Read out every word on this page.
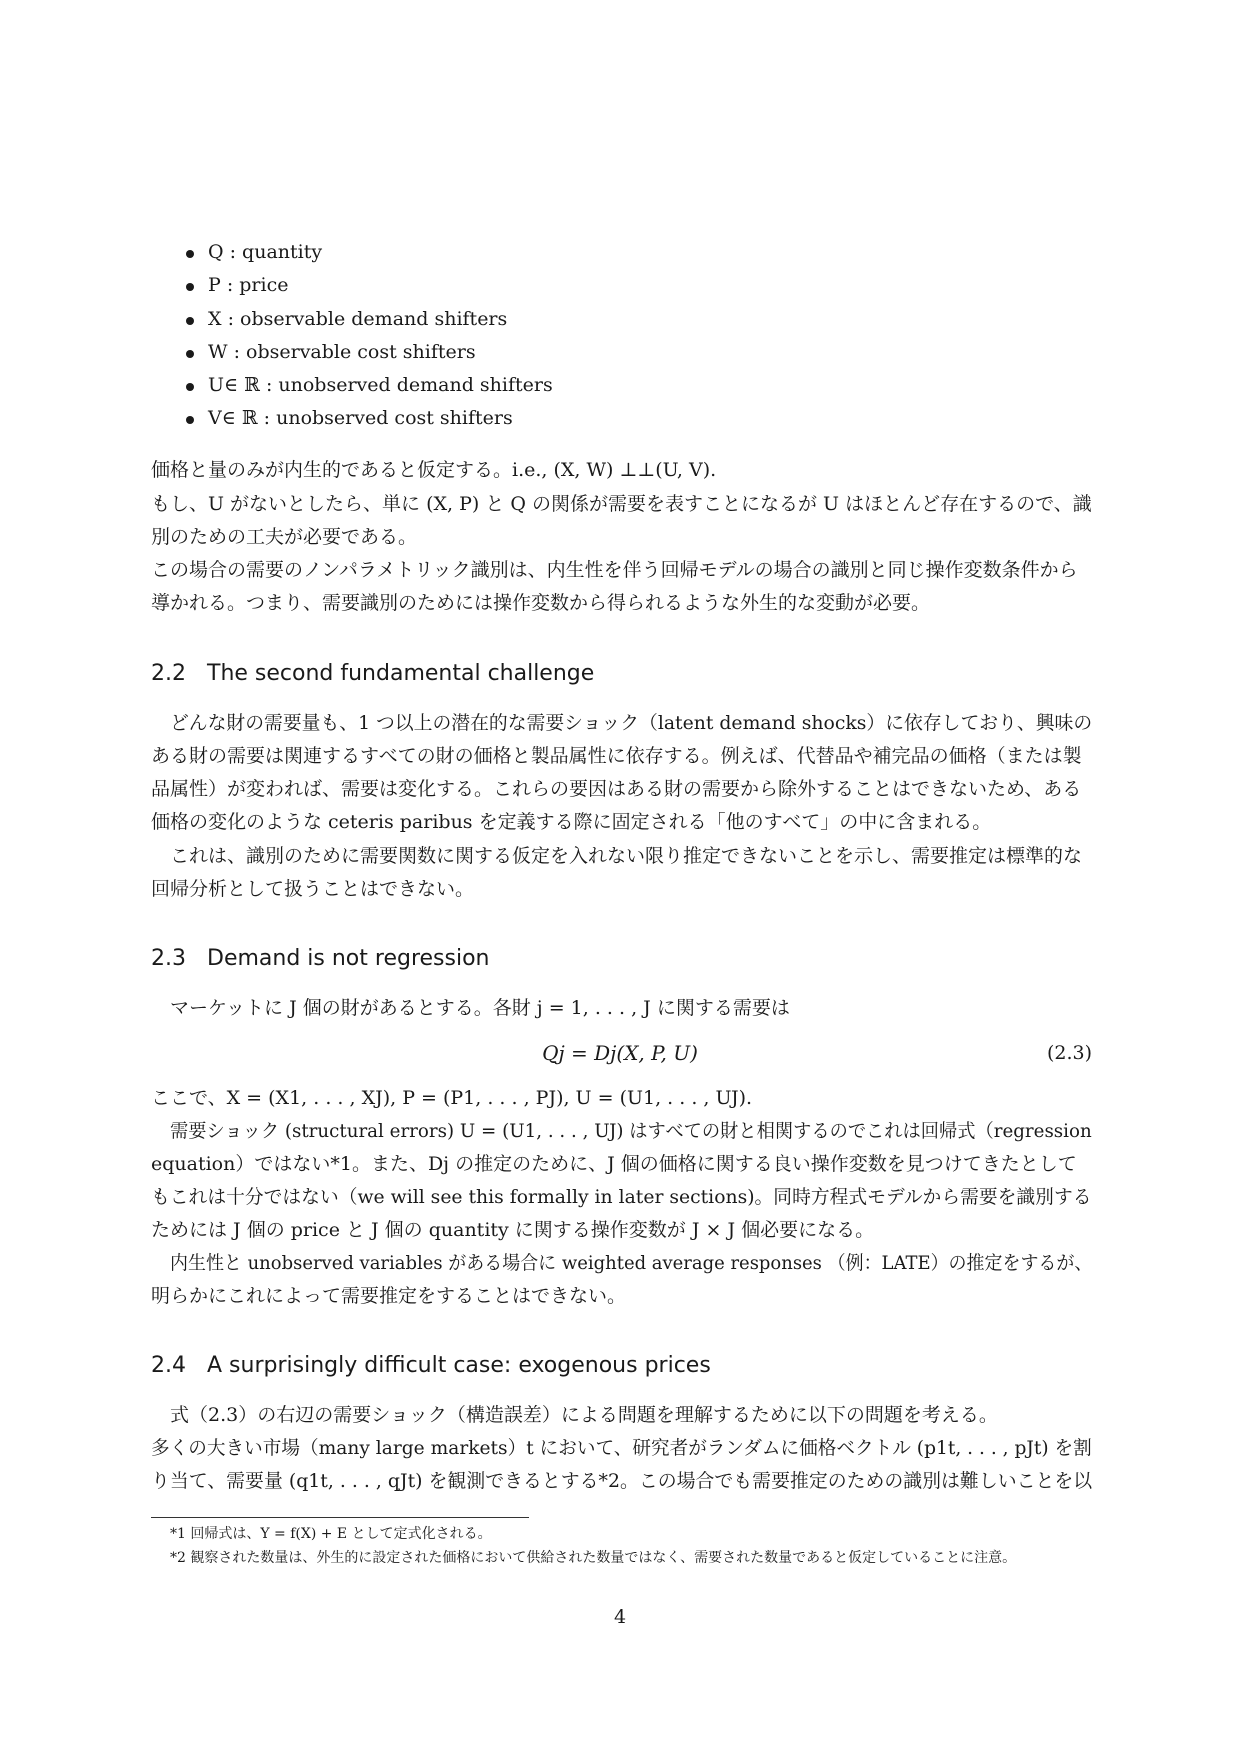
Q : quantity
P : price
X : observable demand shifters
W : observable cost shifters
U∈ ℝ : unobserved demand shifters
V∈ ℝ : unobserved cost shifters
価格と量のみが内生的であると仮定する。i.e., (X, W) ⊥⊥(U, V).
もし、U がないとしたら、単に (X, P) と Q の関係が需要を表すことになるが U はほとんど存在するので、識
別のための工夫が必要である。
この場合の需要のノンパラメトリック識別は、内生性を伴う回帰モデルの場合の識別と同じ操作変数条件から
導かれる。つまり、需要識別のためには操作変数から得られるような外生的な変動が必要。
2.2 The second fundamental challenge
どんな財の需要量も、1 つ以上の潜在的な需要ショック（latent demand shocks）に依存しており、興味の
ある財の需要は関連するすべての財の価格と製品属性に依存する。例えば、代替品や補完品の価格（または製
品属性）が変われば、需要は変化する。これらの要因はある財の需要から除外することはできないため、ある
価格の変化のような ceteris paribus を定義する際に固定される「他のすべて」の中に含まれる。
これは、識別のために需要関数に関する仮定を入れない限り推定できないことを示し、需要推定は標準的な
回帰分析として扱うことはできない。
2.3 Demand is not regression
マーケットに J 個の財があるとする。各財 j = 1, . . . , J に関する需要は
Qj = Dj(X, P, U)	(2.3)
ここで、X = (X1, . . . , XJ), P = (P1, . . . , PJ), U = (U1, . . . , UJ).
需要ショック (structural errors) U = (U1, . . . , UJ) はすべての財と相関するのでこれは回帰式（regression
equation）ではない*1。また、Dj の推定のために、J 個の価格に関する良い操作変数を見つけてきたとして
もこれは十分ではない（we will see this formally in later sections)。同時方程式モデルから需要を識別する
ためには J 個の price と J 個の quantity に関する操作変数が J × J 個必要になる。
内生性と unobserved variables がある場合に weighted average responses （例：LATE）の推定をするが、
明らかにこれによって需要推定をすることはできない。
2.4 A surprisingly difficult case: exogenous prices
式（2.3）の右辺の需要ショック（構造誤差）による問題を理解するために以下の問題を考える。
多くの大きい市場（many large markets）t において、研究者がランダムに価格ベクトル (p1t, . . . , pJt) を割
り当て、需要量 (q1t, . . . , qJt) を観測できるとする*2。この場合でも需要推定のための識別は難しいことを以
*1 回帰式は、Y = f(X) + E として定式化される。
*2 観察された数量は、外生的に設定された価格において供給された数量ではなく、需要された数量であると仮定していることに注意。
4
